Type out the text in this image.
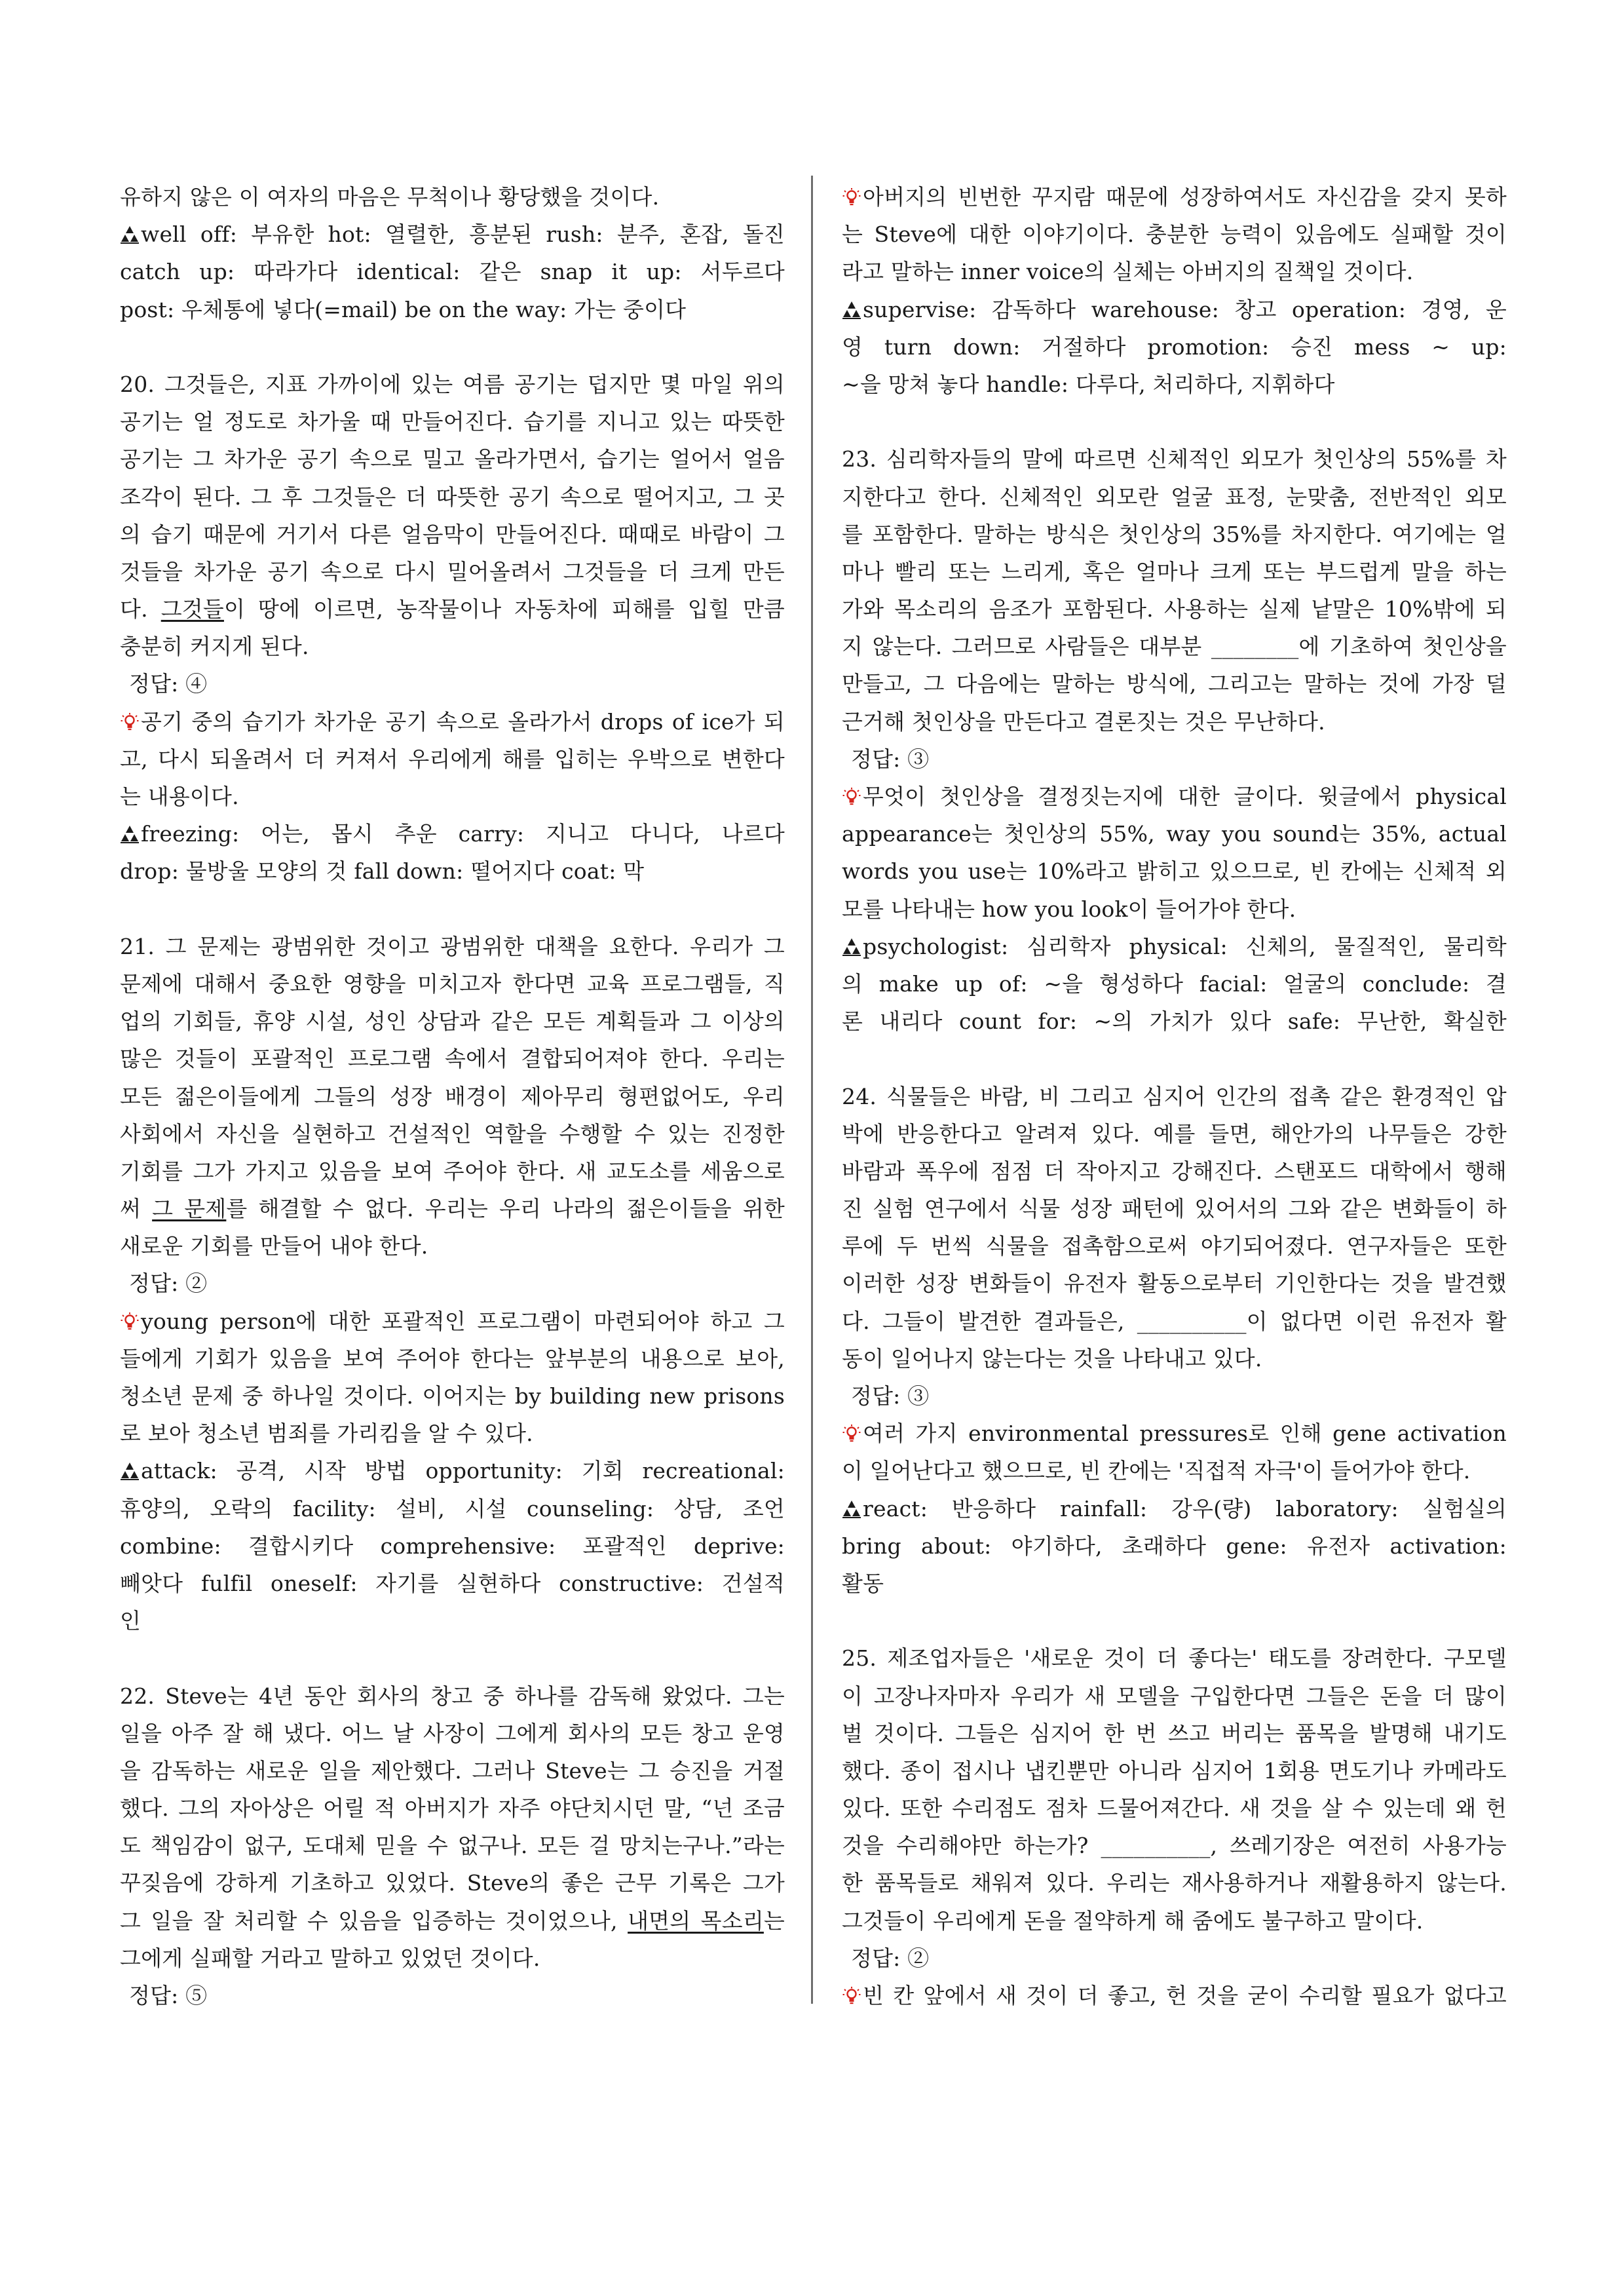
유하지 않은 이 여자의 마음은 무척이나 황당했을 것이다.
well off: 부유한 hot: 열렬한, 흥분된 rush: 분주, 혼잡, 돌진
catch up: 따라가다 identical: 같은 snap it up: 서두르다
post: 우체통에 넣다(=mail) be on the way: 가는 중이다
20. 그것들은, 지표 가까이에 있는 여름 공기는 덥지만 몇 마일 위의
공기는 얼 정도로 차가울 때 만들어진다. 습기를 지니고 있는 따뜻한
공기는 그 차가운 공기 속으로 밀고 올라가면서, 습기는 얼어서 얼음
조각이 된다. 그 후 그것들은 더 따뜻한 공기 속으로 떨어지고, 그 곳
의 습기 때문에 거기서 다른 얼음막이 만들어진다. 때때로 바람이 그
것들을 차가운 공기 속으로 다시 밀어올려서 그것들을 더 크게 만든
다. 그것들이 땅에 이르면, 농작물이나 자동차에 피해를 입힐 만큼
충분히 커지게 된다.
정답: ④
공기 중의 습기가 차가운 공기 속으로 올라가서 drops of ice가 되
고, 다시 되올려서 더 커져서 우리에게 해를 입히는 우박으로 변한다
는 내용이다.
freezing: 어는, 몹시 추운 carry: 지니고 다니다, 나르다
drop: 물방울 모양의 것 fall down: 떨어지다 coat: 막
21. 그 문제는 광범위한 것이고 광범위한 대책을 요한다. 우리가 그
문제에 대해서 중요한 영향을 미치고자 한다면 교육 프로그램들, 직
업의 기회들, 휴양 시설, 성인 상담과 같은 모든 계획들과 그 이상의
많은 것들이 포괄적인 프로그램 속에서 결합되어져야 한다. 우리는
모든 젊은이들에게 그들의 성장 배경이 제아무리 형편없어도, 우리
사회에서 자신을 실현하고 건설적인 역할을 수행할 수 있는 진정한
기회를 그가 가지고 있음을 보여 주어야 한다. 새 교도소를 세움으로
써 그 문제를 해결할 수 없다. 우리는 우리 나라의 젊은이들을 위한
새로운 기회를 만들어 내야 한다.
정답: ②
young person에 대한 포괄적인 프로그램이 마련되어야 하고 그
들에게 기회가 있음을 보여 주어야 한다는 앞부분의 내용으로 보아,
청소년 문제 중 하나일 것이다. 이어지는 by building new prisons
로 보아 청소년 범죄를 가리킴을 알 수 있다.
attack: 공격, 시작 방법 opportunity: 기회 recreational:
휴양의, 오락의 facility: 설비, 시설 counseling: 상담, 조언
combine: 결합시키다 comprehensive: 포괄적인 deprive:
빼앗다 fulfil oneself: 자기를 실현하다 constructive: 건설적
인
22. Steve는 4년 동안 회사의 창고 중 하나를 감독해 왔었다. 그는
일을 아주 잘 해 냈다. 어느 날 사장이 그에게 회사의 모든 창고 운영
을 감독하는 새로운 일을 제안했다. 그러나 Steve는 그 승진을 거절
했다. 그의 자아상은 어릴 적 아버지가 자주 야단치시던 말, “넌 조금
도 책임감이 없구, 도대체 믿을 수 없구나. 모든 걸 망치는구나.”라는
꾸짖음에 강하게 기초하고 있었다. Steve의 좋은 근무 기록은 그가
그 일을 잘 처리할 수 있음을 입증하는 것이었으나, 내면의 목소리는
그에게 실패할 거라고 말하고 있었던 것이다.
정답: ⑤
아버지의 빈번한 꾸지람 때문에 성장하여서도 자신감을 갖지 못하
는 Steve에 대한 이야기이다. 충분한 능력이 있음에도 실패할 것이
라고 말하는 inner voice의 실체는 아버지의 질책일 것이다.
supervise: 감독하다 warehouse: 창고 operation: 경영, 운
영 turn down: 거절하다 promotion: 승진 mess ~ up:
~을 망쳐 놓다 handle: 다루다, 처리하다, 지휘하다
23. 심리학자들의 말에 따르면 신체적인 외모가 첫인상의 55%를 차
지한다고 한다. 신체적인 외모란 얼굴 표정, 눈맞춤, 전반적인 외모
를 포함한다. 말하는 방식은 첫인상의 35%를 차지한다. 여기에는 얼
마나 빨리 또는 느리게, 혹은 얼마나 크게 또는 부드럽게 말을 하는
가와 목소리의 음조가 포함된다. 사용하는 실제 낱말은 10%밖에 되
지 않는다. 그러므로 사람들은 대부분 ________에 기초하여 첫인상을
만들고, 그 다음에는 말하는 방식에, 그리고는 말하는 것에 가장 덜
근거해 첫인상을 만든다고 결론짓는 것은 무난하다.
정답: ③
무엇이 첫인상을 결정짓는지에 대한 글이다. 윗글에서 physical
appearance는 첫인상의 55%, way you sound는 35%, actual
words you use는 10%라고 밝히고 있으므로, 빈 칸에는 신체적 외
모를 나타내는 how you look이 들어가야 한다.
psychologist: 심리학자 physical: 신체의, 물질적인, 물리학
의 make up of: ~을 형성하다 facial: 얼굴의 conclude: 결
론 내리다 count for: ~의 가치가 있다 safe: 무난한, 확실한
24. 식물들은 바람, 비 그리고 심지어 인간의 접촉 같은 환경적인 압
박에 반응한다고 알려져 있다. 예를 들면, 해안가의 나무들은 강한
바람과 폭우에 점점 더 작아지고 강해진다. 스탠포드 대학에서 행해
진 실험 연구에서 식물 성장 패턴에 있어서의 그와 같은 변화들이 하
루에 두 번씩 식물을 접촉함으로써 야기되어졌다. 연구자들은 또한
이러한 성장 변화들이 유전자 활동으로부터 기인한다는 것을 발견했
다. 그들이 발견한 결과들은, __________이 없다면 이런 유전자 활
동이 일어나지 않는다는 것을 나타내고 있다.
정답: ③
여러 가지 environmental pressures로 인해 gene activation
이 일어난다고 했으므로, 빈 칸에는 '직접적 자극'이 들어가야 한다.
react: 반응하다 rainfall: 강우(량) laboratory: 실험실의
bring about: 야기하다, 초래하다 gene: 유전자 activation:
활동
25. 제조업자들은 '새로운 것이 더 좋다는' 태도를 장려한다. 구모델
이 고장나자마자 우리가 새 모델을 구입한다면 그들은 돈을 더 많이
벌 것이다. 그들은 심지어 한 번 쓰고 버리는 품목을 발명해 내기도
했다. 종이 접시나 냅킨뿐만 아니라 심지어 1회용 면도기나 카메라도
있다. 또한 수리점도 점차 드물어져간다. 새 것을 살 수 있는데 왜 헌
것을 수리해야만 하는가? __________, 쓰레기장은 여전히 사용가능
한 품목들로 채워져 있다. 우리는 재사용하거나 재활용하지 않는다.
그것들이 우리에게 돈을 절약하게 해 줌에도 불구하고 말이다.
정답: ②
빈 칸 앞에서 새 것이 더 좋고, 헌 것을 굳이 수리할 필요가 없다고
